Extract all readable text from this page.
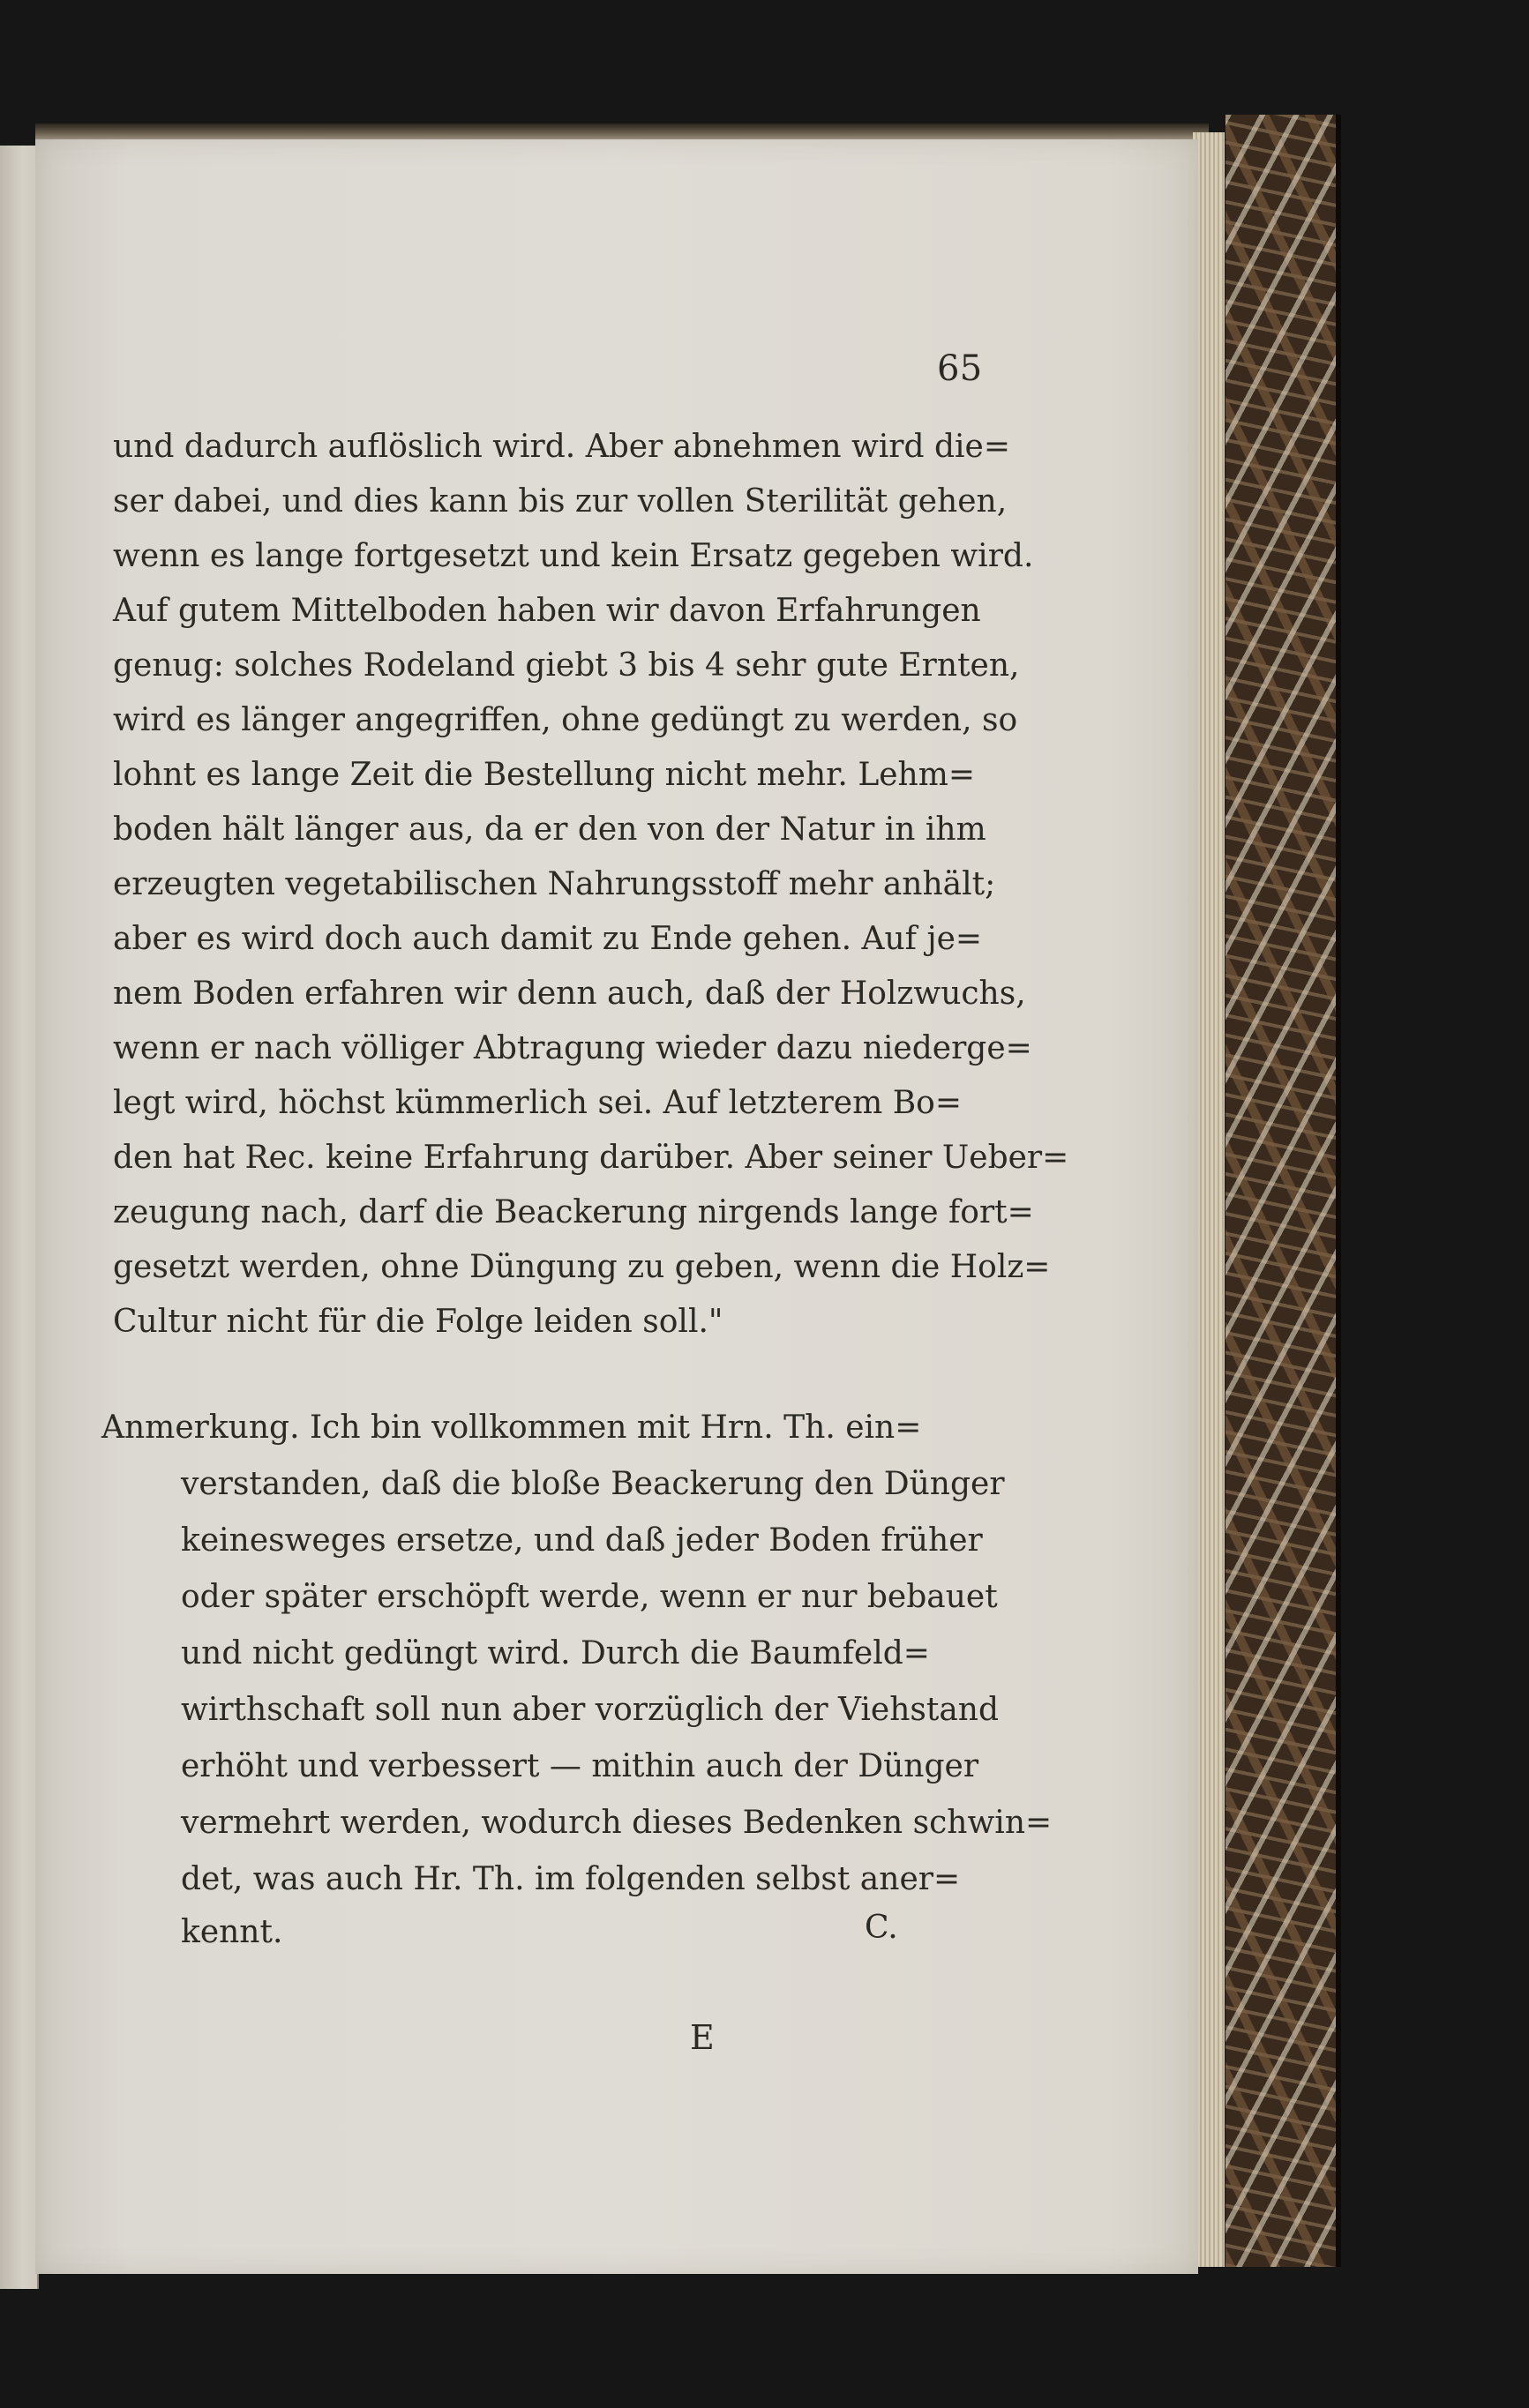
65
und dadurch auflöslich wird. Aber abnehmen wird die=
ser dabei, und dies kann bis zur vollen Sterilität gehen,
wenn es lange fortgesetzt und kein Ersatz gegeben wird.
Auf gutem Mittelboden haben wir davon Erfahrungen
genug: solches Rodeland giebt 3 bis 4 sehr gute Ernten,
wird es länger angegriffen, ohne gedüngt zu werden, so
lohnt es lange Zeit die Bestellung nicht mehr. Lehm=
boden hält länger aus, da er den von der Natur in ihm
erzeugten vegetabilischen Nahrungsstoff mehr anhält;
aber es wird doch auch damit zu Ende gehen. Auf je=
nem Boden erfahren wir denn auch, daß der Holzwuchs,
wenn er nach völliger Abtragung wieder dazu niederge=
legt wird, höchst kümmerlich sei. Auf letzterem Bo=
den hat Rec. keine Erfahrung darüber. Aber seiner Ueber=
zeugung nach, darf die Beackerung nirgends lange fort=
gesetzt werden, ohne Düngung zu geben, wenn die Holz=
Cultur nicht für die Folge leiden soll."
Anmerkung. Ich bin vollkommen mit Hrn. Th. ein=
verstanden, daß die bloße Beackerung den Dünger
keinesweges ersetze, und daß jeder Boden früher
oder später erschöpft werde, wenn er nur bebauet
und nicht gedüngt wird. Durch die Baumfeld=
wirthschaft soll nun aber vorzüglich der Viehstand
erhöht und verbessert — mithin auch der Dünger
vermehrt werden, wodurch dieses Bedenken schwin=
det, was auch Hr. Th. im folgenden selbst aner=
kennt.	C.
E
